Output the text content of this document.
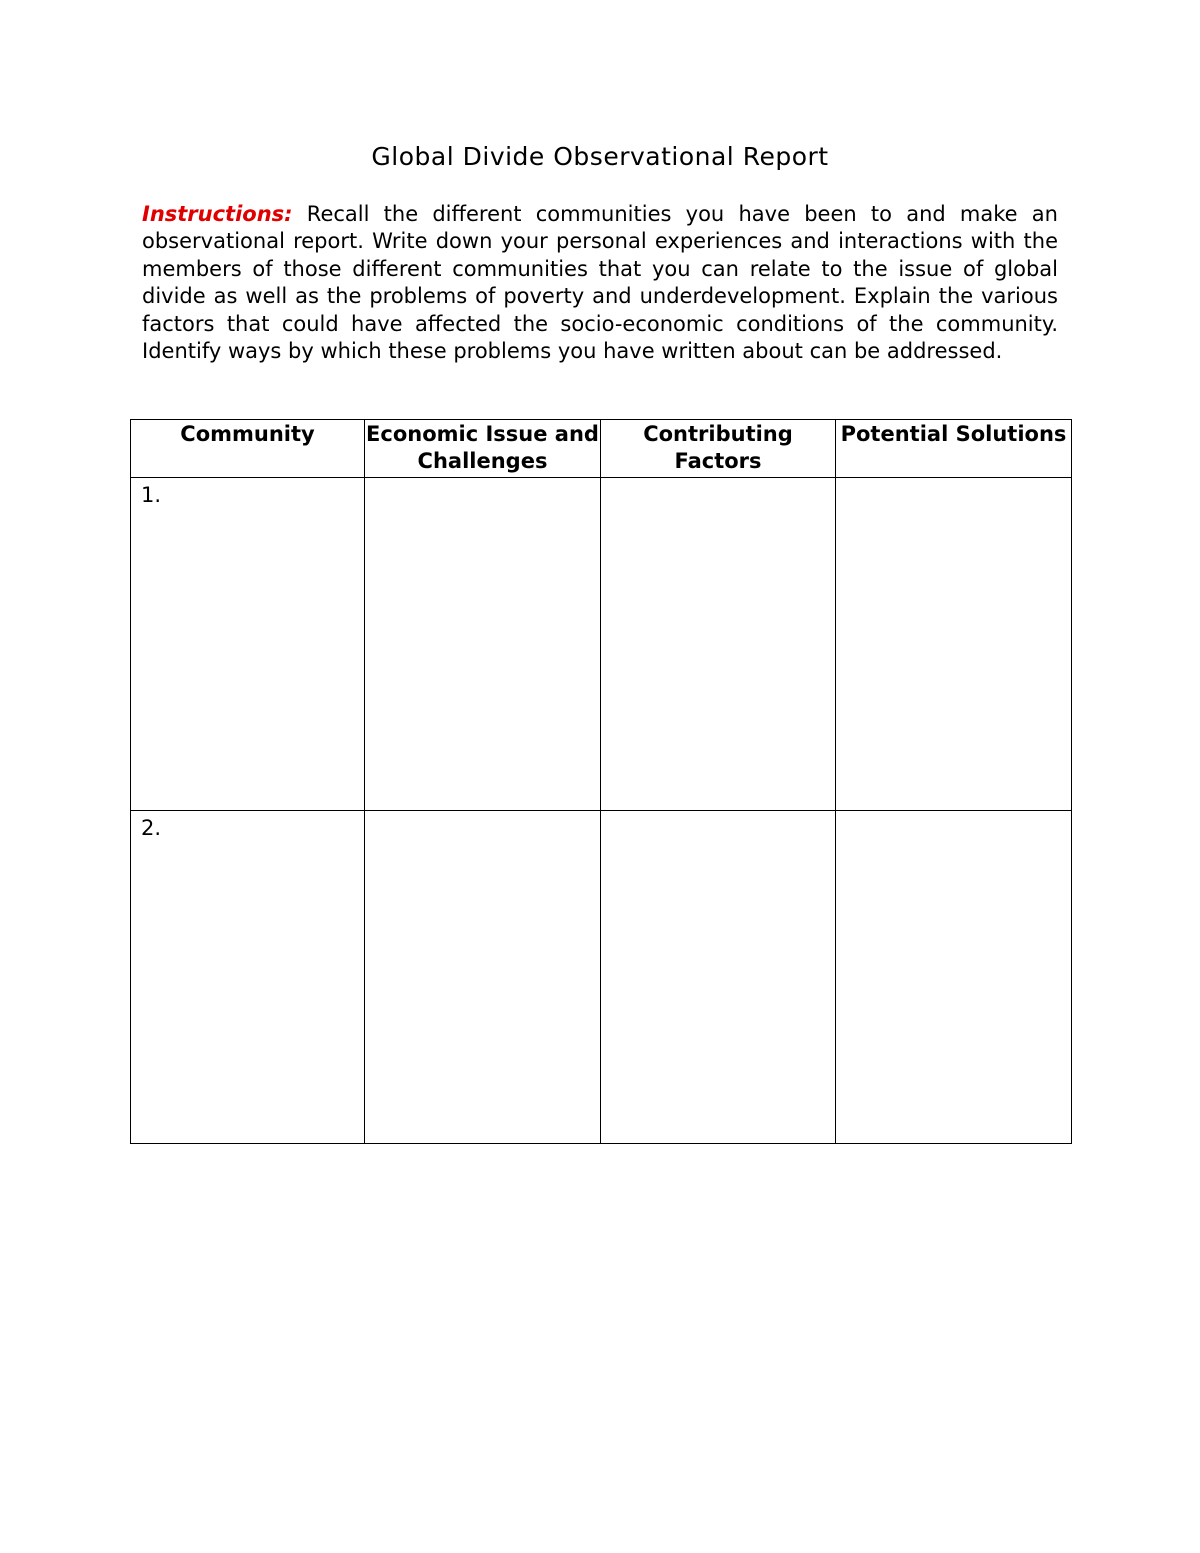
Global Divide Observational Report

Instructions: Recall the different communities you have been to and make an observational report. Write down your personal experiences and interactions with the members of those different communities that you can relate to the issue of global divide as well as the problems of poverty and underdevelopment. Explain the various factors that could have affected the socio-economic conditions of the community. Identify ways by which these problems you have written about can be addressed.

Community	Economic Issue and Challenges	Contributing Factors	Potential Solutions
1.			
2.			
